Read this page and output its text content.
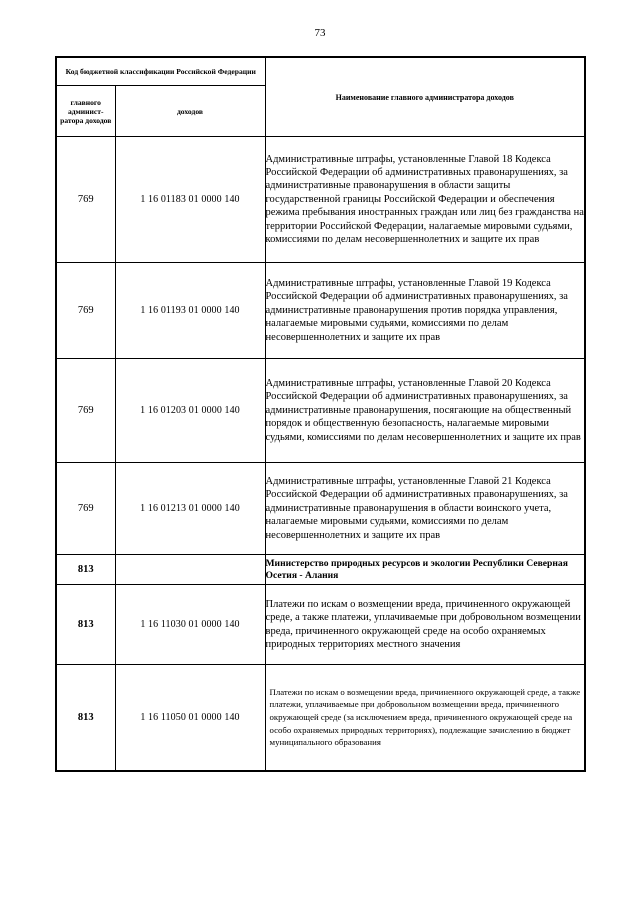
73
Код бюджетной классификации Российской Федерации		Наименование главного администратора доходов
главного админист-ратора доходов	доходов	
769	1 16 01183 01 0000 140	Административные штрафы, установленные Главой 18 Кодекса Российской Федерации об административных правонарушениях, за административные правонарушения в области защиты государственной границы Российской Федерации и обеспечения режима пребывания иностранных граждан или лиц без гражданства на территории Российской Федерации, налагаемые мировыми судьями, комиссиями по делам несовершеннолетних и защите их прав
769	1 16 01193 01 0000 140	Административные штрафы, установленные Главой 19 Кодекса Российской Федерации об административных правонарушениях, за административные правонарушения против порядка управления, налагаемые мировыми судьями, комиссиями по делам несовершеннолетних и защите их прав
769	1 16 01203 01 0000 140	Административные штрафы, установленные Главой 20 Кодекса Российской Федерации об административных правонарушениях, за административные правонарушения, посягающие на общественный порядок и общественную безопасность, налагаемые мировыми судьями, комиссиями по делам несовершеннолетних и защите их прав
769	1 16 01213 01 0000 140	Административные штрафы, установленные Главой 21 Кодекса Российской Федерации об административных правонарушениях, за административные правонарушения в области воинского учета, налагаемые мировыми судьями, комиссиями по делам несовершеннолетних и защите их прав
813		Министерство природных ресурсов и экологии Республики Северная Осетия - Алания
813	1 16 11030 01 0000 140	Платежи по искам о возмещении вреда, причиненного окружающей среде, а также платежи, уплачиваемые при добровольном возмещении вреда, причиненного окружающей среде на особо охраняемых природных территориях местного значения
813	1 16 11050 01 0000 140	Платежи по искам о возмещении вреда, причиненного окружающей среде, а также платежи, уплачиваемые при добровольном возмещении вреда, причиненного окружающей среде (за исключением вреда, причиненного окружающей среде на особо охраняемых природных территориях), подлежащие зачислению в бюджет муниципального образования
